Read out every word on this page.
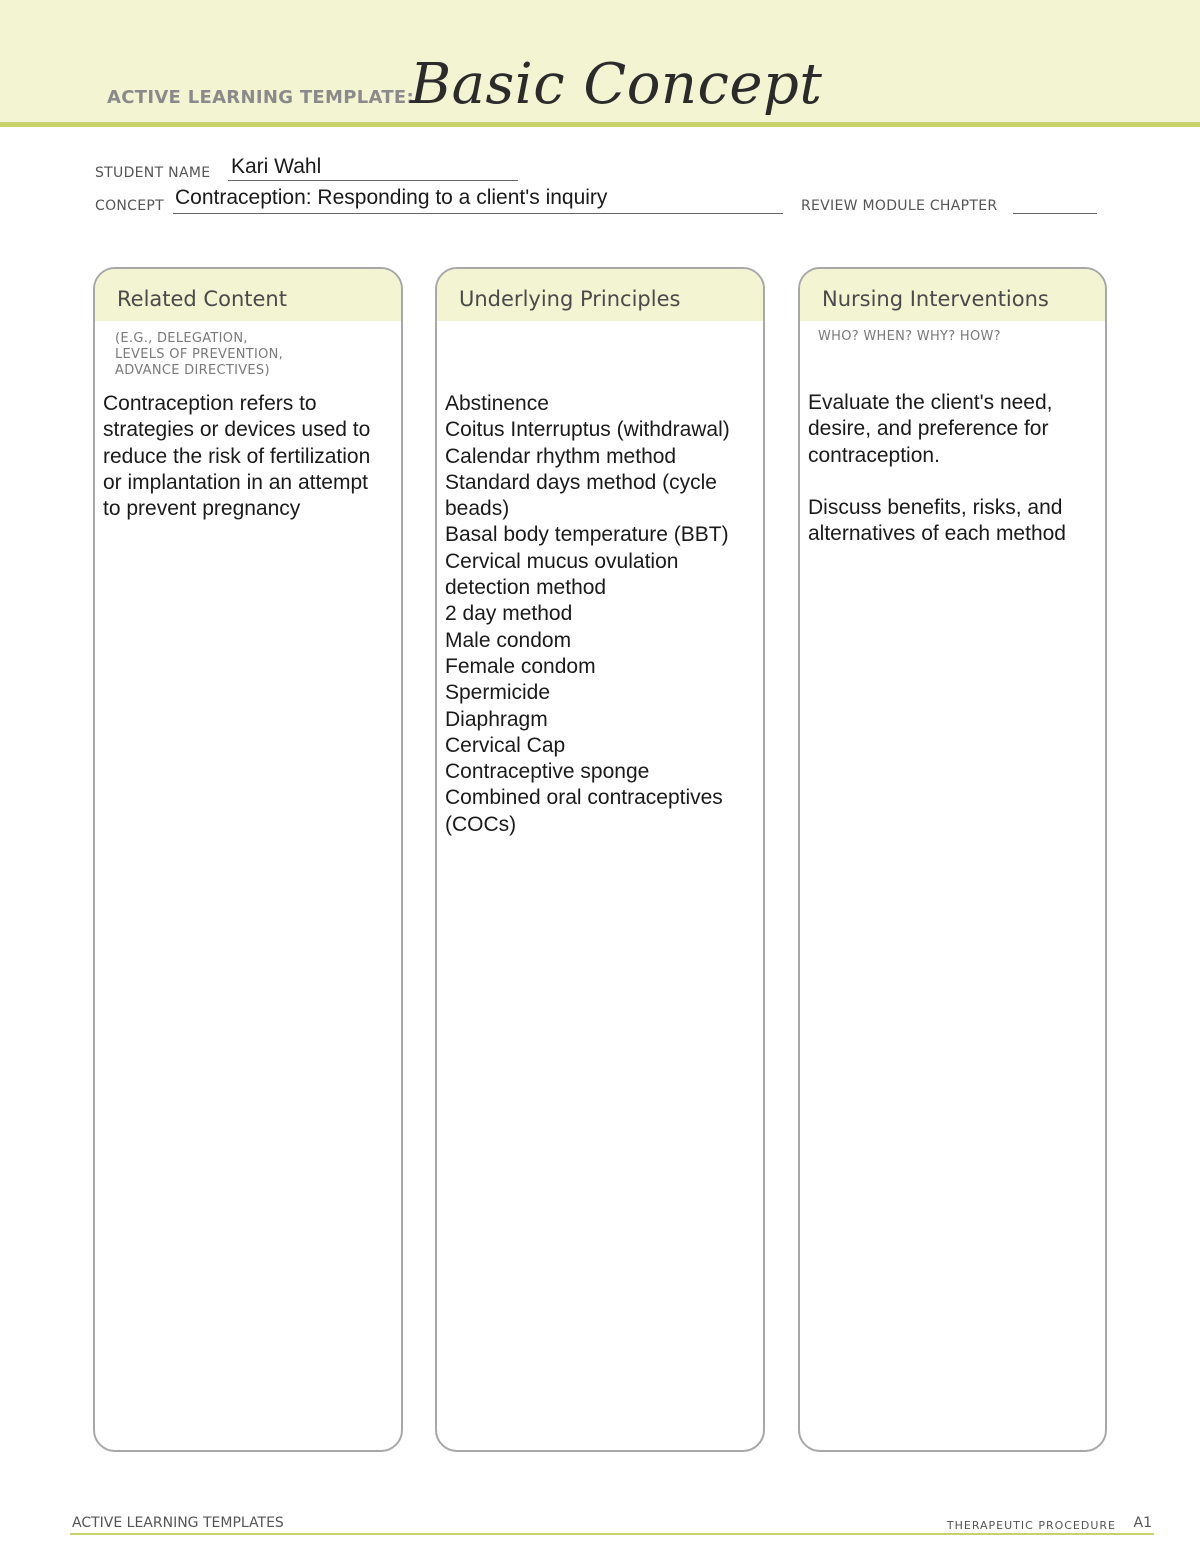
ACTIVE LEARNING TEMPLATE:
Basic Concept
STUDENT NAME Kari Wahl
CONCEPT Contraception: Responding to a client's inquiry	REVIEW MODULE CHAPTER
Related Content
(E.G., DELEGATION,
LEVELS OF PREVENTION,
ADVANCE DIRECTIVES)

Contraception refers to strategies or devices used to reduce the risk of fertilization or implantation in an attempt to prevent pregnancy

Underlying Principles

Abstinence

Coitus Interruptus (withdrawal)

Calendar rhythm method

Standard days method (cycle beads)

Basal body temperature (BBT)

Cervical mucus ovulation detection method

2 day method

Male condom

Female condom

Spermicide

Diaphragm

Cervical Cap

Contraceptive sponge

Combined oral contraceptives (COCs)

Nursing Interventions
WHO? WHEN? WHY? HOW?

Evaluate the client's need, desire, and preference for contraception.

Discuss benefits, risks, and alternatives of each method

ACTIVE LEARNING TEMPLATES	THERAPEUTIC PROCEDURE A1
